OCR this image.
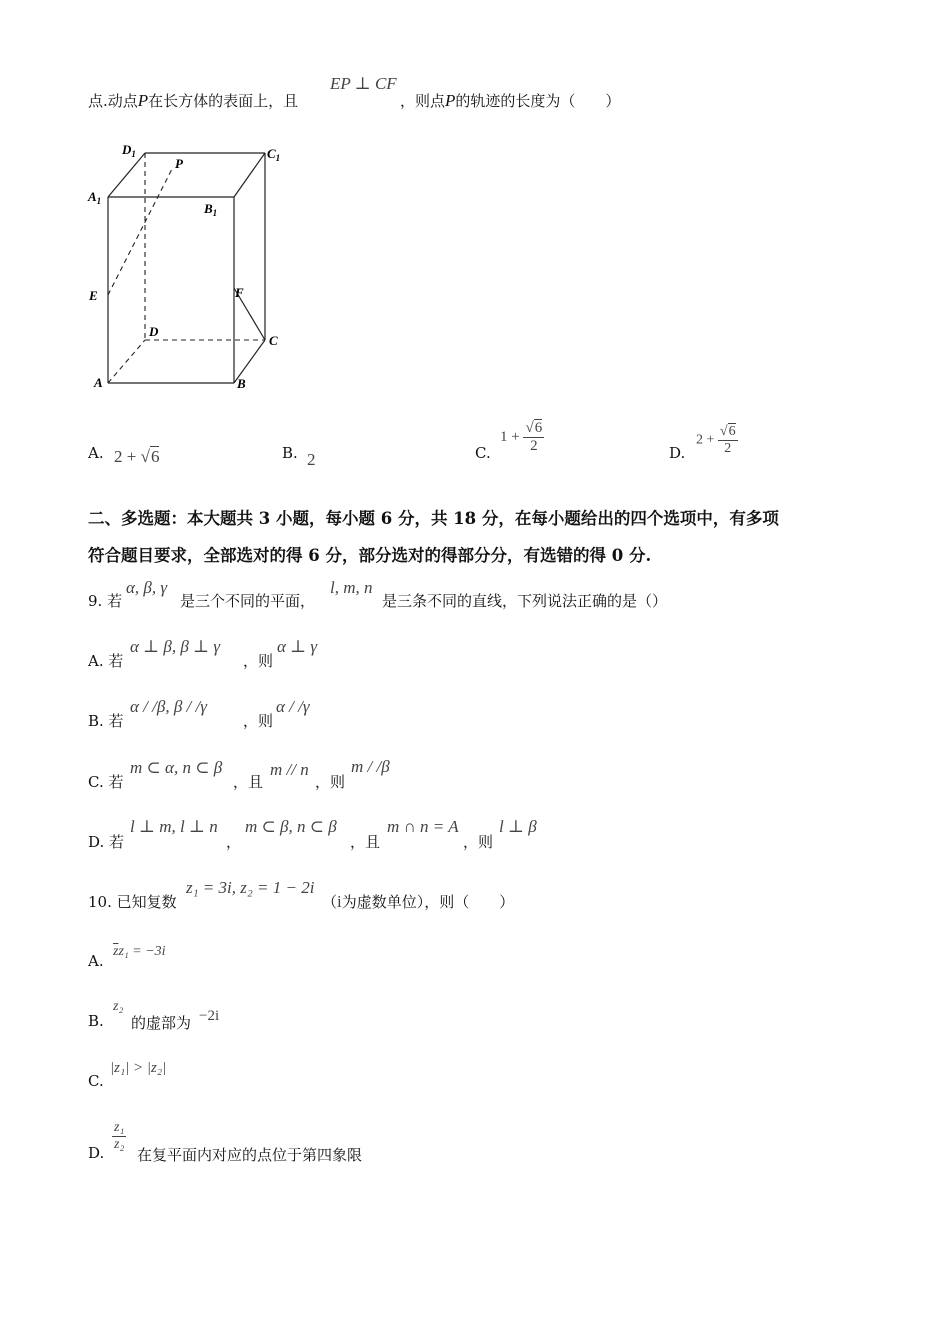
点.动点P在长方体的表面上，且
EP ⊥ CF
，则点P的轨迹的长度为（　　）
$D_1$	$C_1$
$A_1$	$B_1$
P
E	F
D
C
A	B
A. 2 + √6	B. 2	C.
$1 + \frac{√6}{2}$	D.
$2 + \frac{√6}{2}$
二、多选题：本大题共 3 小题，每小题 6 分，共 18 分，在每小题给出的四个选项中，有多项
符合题目要求，全部选对的得 6 分，部分选对的得部分分，有选错的得 0 分.
9. 若
α, β, γ
是三个不同的平面，
l, m, n
是三条不同的直线，下列说法正确的是（）
A. 若
α ⊥ β, β ⊥ γ
，则
α ⊥ γ
B. 若
α / /β, β / /γ
，则
α / /γ
C. 若
m ⊂ α, n ⊂ β
，且
m // n
，则
m / /β
D. 若
l ⊥ m, l ⊥ n
，
m ⊂ β, n ⊂ β
，且
m ∩ n = A
，则
l ⊥ β
10. 已知复数
z₁ = 3i, z₂ = 1 − 2i
（i为虚数单位），则（　　）
A.
$\overline{z}z_1 = -3i$
B.
z₂
的虚部为 −2i
C.
|z₁| > |z₂|
D. $\frac{\text{z₁}}{\text{z₂}}$
在复平面内对应的点位于第四象限
